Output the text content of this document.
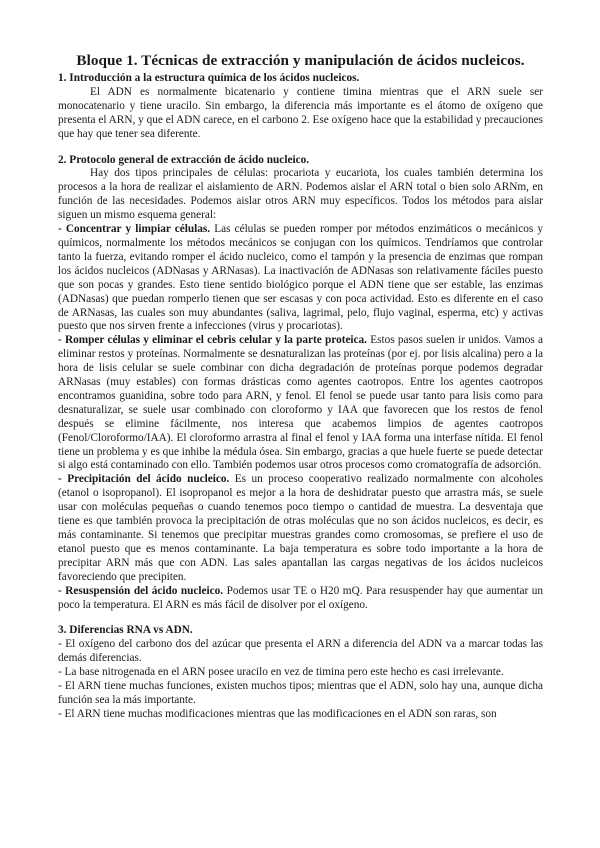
Bloque 1. Técnicas de extracción y manipulación de ácidos nucleicos.
1. Introducción a la estructura química de los ácidos nucleicos.

El ADN es normalmente bicatenario y contiene timina mientras que el ARN suele ser monocatenario y tiene uracilo. Sin embargo, la diferencia más importante es el átomo de oxígeno que presenta el ARN, y que el ADN carece, en el carbono 2. Ese oxígeno hace que la estabilidad y precauciones que hay que tener sea diferente.

2. Protocolo general de extracción de ácido nucleico.

Hay dos tipos principales de células: procariota y eucariota, los cuales también determina los procesos a la hora de realizar el aislamiento de ARN. Podemos aislar el ARN total o bien solo ARNm, en función de las necesidades. Podemos aislar otros ARN muy específicos. Todos los métodos para aislar siguen un mismo esquema general:

- Concentrar y limpiar células. Las células se pueden romper por métodos enzimáticos o mecánicos y químicos, normalmente los métodos mecánicos se conjugan con los químicos. Tendríamos que controlar tanto la fuerza, evitando romper el ácido nucleico, como el tampón y la presencia de enzimas que rompan los ácidos nucleicos (ADNasas y ARNasas). La inactivación de ADNasas son relativamente fáciles puesto que son pocas y grandes. Esto tiene sentido biológico porque el ADN tiene que ser estable, las enzimas (ADNasas) que puedan romperlo tienen que ser escasas y con poca actividad. Esto es diferente en el caso de ARNasas, las cuales son muy abundantes (saliva, lagrimal, pelo, flujo vaginal, esperma, etc) y activas puesto que nos sirven frente a infecciones (virus y procariotas).

- Romper células y eliminar el cebris celular y la parte proteica. Estos pasos suelen ir unidos. Vamos a eliminar restos y proteínas. Normalmente se desnaturalizan las proteínas (por ej. por lisis alcalina) pero a la hora de lisis celular se suele combinar con dicha degradación de proteínas porque podemos degradar ARNasas (muy estables) con formas drásticas como agentes caotropos. Entre los agentes caotropos encontramos guanidina, sobre todo para ARN, y fenol. El fenol se puede usar tanto para lisis como para desnaturalizar, se suele usar combinado con cloroformo y IAA que favorecen que los restos de fenol después se elimine fácilmente, nos interesa que acabemos limpios de agentes caotropos (Fenol/Cloroformo/IAA). El cloroformo arrastra al final el fenol y IAA forma una interfase nítida. El fenol tiene un problema y es que inhibe la médula ósea. Sin embargo, gracias a que huele fuerte se puede detectar si algo está contaminado con ello. También podemos usar otros procesos como cromatografía de adsorción.

- Precipitación del ácido nucleico. Es un proceso cooperativo realizado normalmente con alcoholes (etanol o isopropanol). El isopropanol es mejor a la hora de deshidratar puesto que arrastra más, se suele usar con moléculas pequeñas o cuando tenemos poco tiempo o cantidad de muestra. La desventaja que tiene es que también provoca la precipitación de otras moléculas que no son ácidos nucleicos, es decir, es más contaminante. Si tenemos que precipitar muestras grandes como cromosomas, se prefiere el uso de etanol puesto que es menos contaminante. La baja temperatura es sobre todo importante a la hora de precipitar ARN más que con ADN. Las sales apantallan las cargas negativas de los ácidos nucleicos favoreciendo que precipiten.

- Resuspensión del ácido nucleico. Podemos usar TE o H20 mQ. Para resuspender hay que aumentar un poco la temperatura. El ARN es más fácil de disolver por el oxígeno.

3. Diferencias RNA vs ADN.

- El oxígeno del carbono dos del azúcar que presenta el ARN a diferencia del ADN va a marcar todas las demás diferencias.

- La base nitrogenada en el ARN posee uracilo en vez de timina pero este hecho es casi irrelevante.

- El ARN tiene muchas funciones, existen muchos tipos; mientras que el ADN, solo hay una, aunque dicha función sea la más importante.

- El ARN tiene muchas modificaciones mientras que las modificaciones en el ADN son raras, son
